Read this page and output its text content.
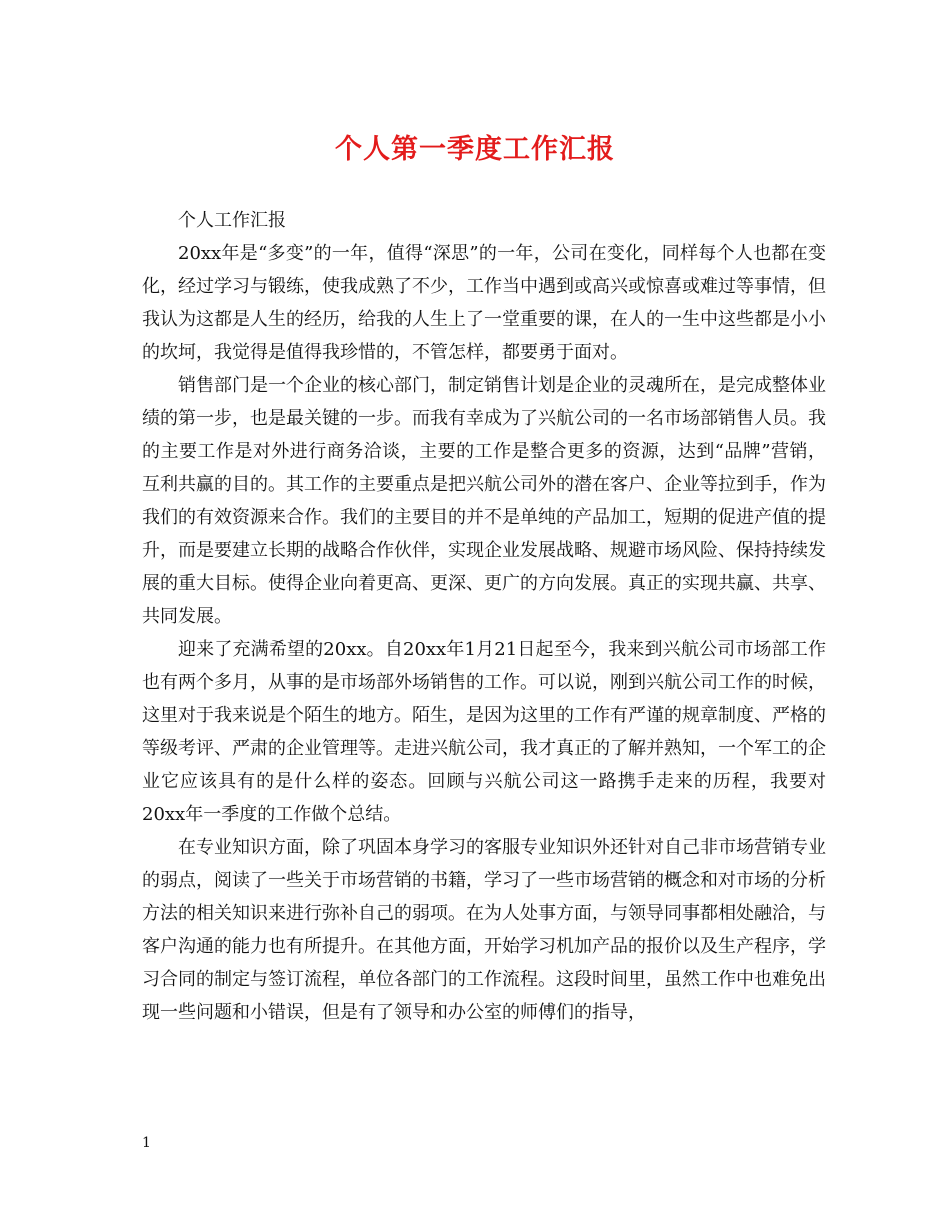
个人第一季度工作汇报

个人工作汇报

20xx年是“多变”的一年，值得“深思”的一年，公司在变化，同样每个人也都在变化，经过学习与锻练，使我成熟了不少，工作当中遇到或高兴或惊喜或难过等事情，但我认为这都是人生的经历，给我的人生上了一堂重要的课，在人的一生中这些都是小小的坎坷，我觉得是值得我珍惜的，不管怎样，都要勇于面对。

销售部门是一个企业的核心部门，制定销售计划是企业的灵魂所在，是完成整体业绩的第一步，也是最关键的一步。而我有幸成为了兴航公司的一名市场部销售人员。我的主要工作是对外进行商务洽谈，主要的工作是整合更多的资源，达到“品牌”营销，互利共赢的目的。其工作的主要重点是把兴航公司外的潜在客户、企业等拉到手，作为我们的有效资源来合作。我们的主要目的并不是单纯的产品加工，短期的促进产值的提升，而是要建立长期的战略合作伙伴，实现企业发展战略、规避市场风险、保持持续发展的重大目标。使得企业向着更高、更深、更广的方向发展。真正的实现共赢、共享、共同发展。

迎来了充满希望的20xx。自20xx年1月21日起至今，我来到兴航公司市场部工作也有两个多月，从事的是市场部外场销售的工作。可以说，刚到兴航公司工作的时候，这里对于我来说是个陌生的地方。陌生，是因为这里的工作有严谨的规章制度、严格的等级考评、严肃的企业管理等。走进兴航公司，我才真正的了解并熟知，一个军工的企业它应该具有的是什么样的姿态。回顾与兴航公司这一路携手走来的历程，我要对20xx年一季度的工作做个总结。

在专业知识方面，除了巩固本身学习的客服专业知识外还针对自己非市场营销专业的弱点，阅读了一些关于市场营销的书籍，学习了一些市场营销的概念和对市场的分析方法的相关知识来进行弥补自己的弱项。在为人处事方面，与领导同事都相处融洽，与客户沟通的能力也有所提升。在其他方面，开始学习机加产品的报价以及生产程序，学习合同的制定与签订流程，单位各部门的工作流程。这段时间里，虽然工作中也难免出现一些问题和小错误，但是有了领导和办公室的师傅们的指导，

1
